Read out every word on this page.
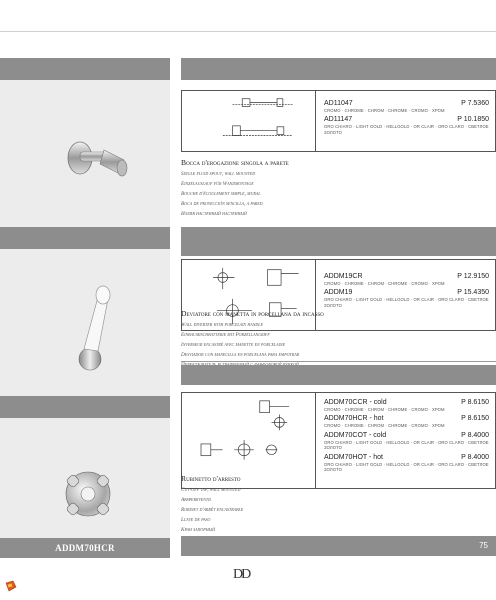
AD11047	P 7.5360
CROMO · CHROME · CHROM · CHROME · CROMO · ХРОМ
AD11147	P 10.1850
ORO CHIARO · LIGHT GOLD · HELLGOLD · OR CLAIR · ORO CLARO · СВЕТЛОЕ ЗОЛОТО
Bocca d'erogazione singola a parete
Single fluid spout, wall mounted
Einzelauslauf für Wandmontage
Bouche d'écoulement simple, mural
Boca de proyección sencilla, a pared
Излив настенный настенный
ADDM19CR	P 12.9150
CROMO · CHROME · CHROM · CHROME · CROMO · ХРОМ
ADDM19	P 15.4350
ORO CHIARO · LIGHT GOLD · HELLGOLD · OR CLAIR · ORO CLARO · СВЕТЛОЕ ЗОЛОТО
Deviatore con manetta in porcellana da incasso
Wall diverter with porcelain handle
Einbaumischbatterie mit Porzellangriff
Inverseur encastré avec manette en porcelaine
Desviador con manecilla en porcelana para empotrar
ADDM70HCR
ADDM70CCR - cold	P 8.6150
CROMO · CHROME · CHROM · CHROME · CROMO · ХРОМ
ADDM70HCR - hot	P 8.6150
CROMO · CHROME · CHROM · CHROME · CROMO · ХРОМ
ADDM70COT - cold	P 8.4000
ORO CHIARO · LIGHT GOLD · HELLGOLD · OR CLAIR · ORO CLARO · СВЕТЛОЕ ЗОЛОТО
ADDM70HOT - hot	P 8.4000
ORO CHIARO · LIGHT GOLD · HELLGOLD · OR CLAIR · ORO CLARO · СВЕТЛОЕ ЗОЛОТО
Rubinetto d'arresto
Cut-off tap, wall mounted
Absperrventil
Robinet d'arrêt encastrable
Llave de paso
Кран запорный
75
DD
